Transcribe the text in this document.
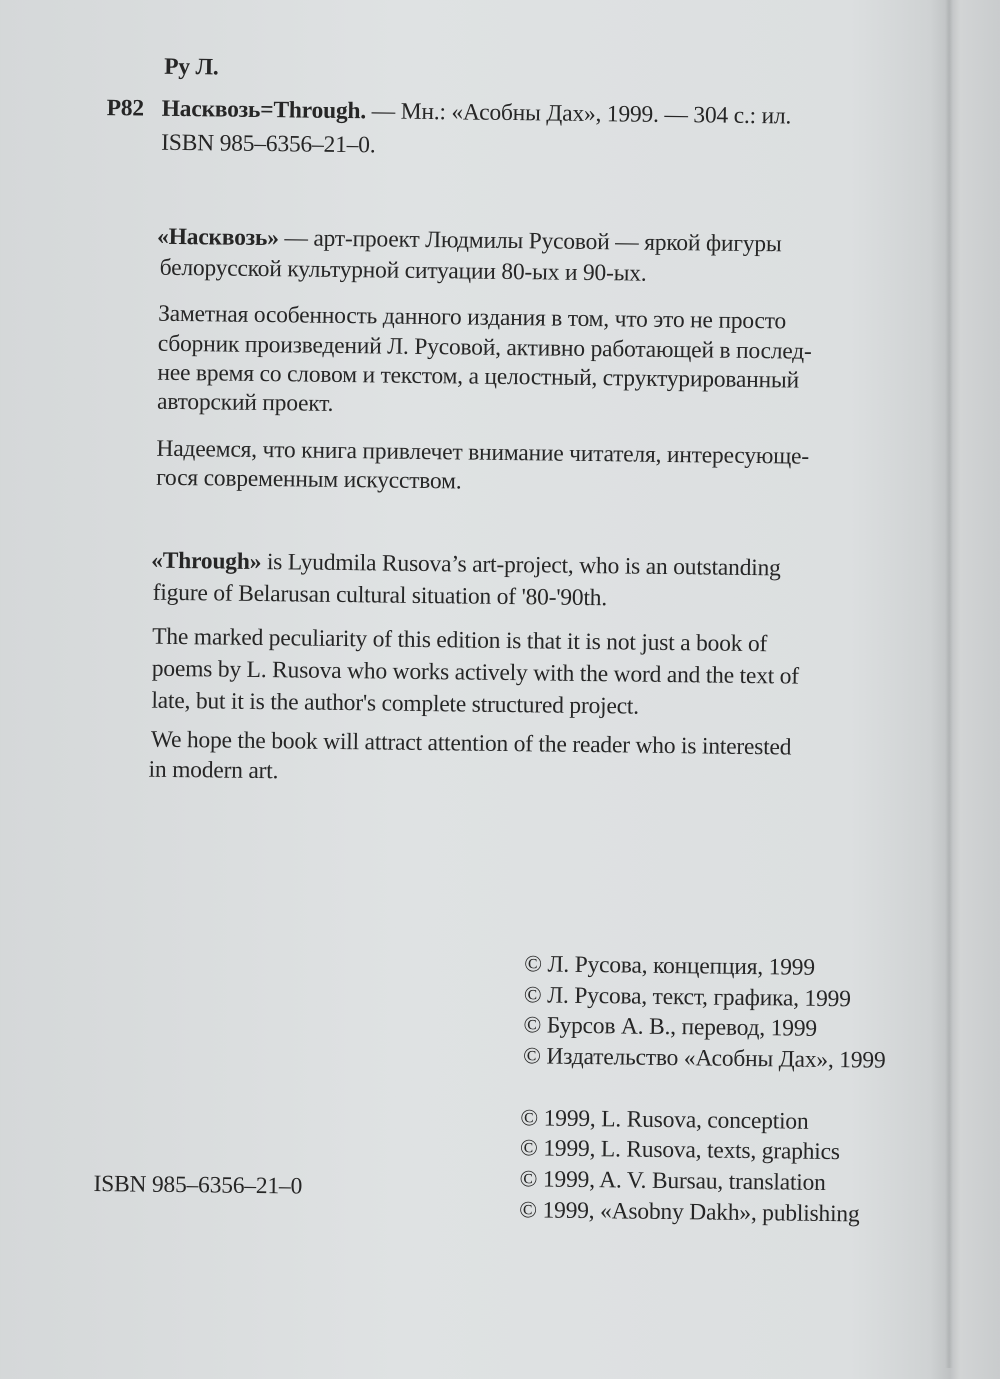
Ру Л.
Р82 Насквозь=Through. — Мн.: «Асобны Дах», 1999. — 304 с.: ил.
ISBN 985–6356–21–0.
«Насквозь» — арт-проект Людмилы Русовой — яркой фигуры
белорусской культурной ситуации 80-ых и 90-ых.
Заметная особенность данного издания в том, что это не просто
сборник произведений Л. Русовой, активно работающей в послед-
нее время со словом и текстом, а целостный, структурированный
авторский проект.
Надеемся, что книга привлечет внимание читателя, интересующе-
гося современным искусством.
«Through» is Lyudmila Rusova’s art-project, who is an outstanding
figure of Belarusan cultural situation of '80-'90th.
The marked peculiarity of this edition is that it is not just a book of
poems by L. Rusova who works actively with the word and the text of
late, but it is the author's complete structured project.
We hope the book will attract attention of the reader who is interested
in modern art.
© Л. Русова, концепция, 1999
© Л. Русова, текст, графика, 1999
© Бурсов А. В., перевод, 1999
© Издательство «Асобны Дах», 1999
© 1999, L. Rusova, conception
© 1999, L. Rusova, texts, graphics
© 1999, A. V. Bursau, translation
© 1999, «Asobny Dakh», publishing
ISBN 985–6356–21–0
